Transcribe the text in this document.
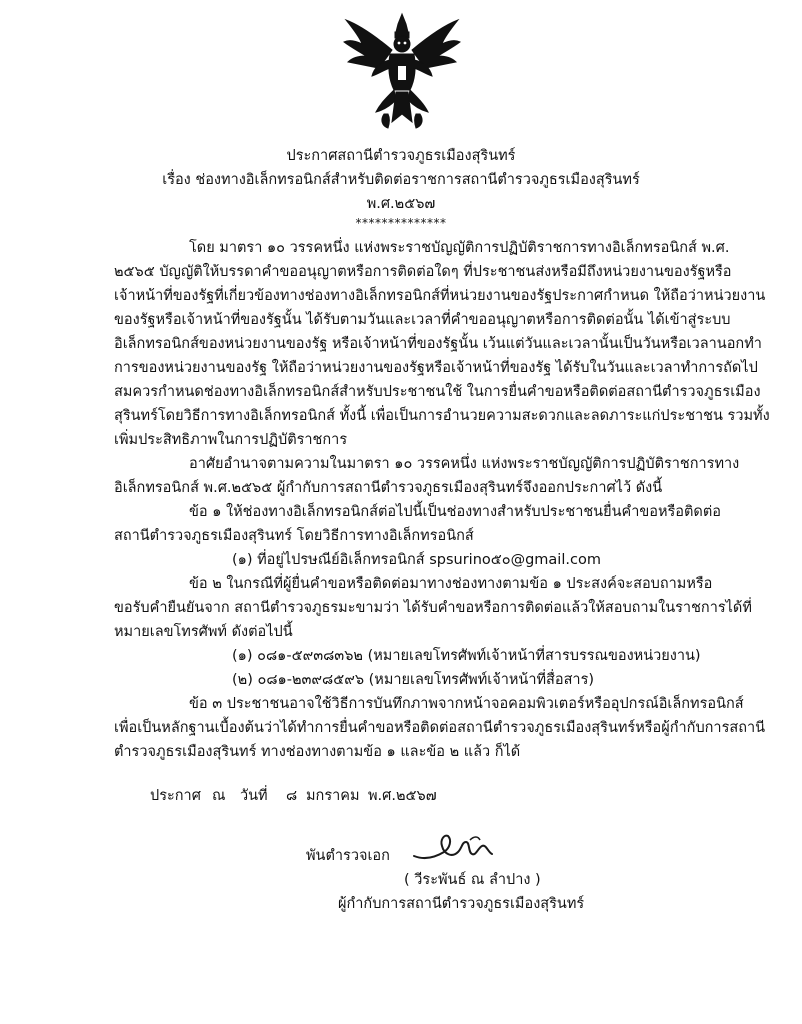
ประกาศสถานีตำรวจภูธรเมืองสุรินทร์
เรื่อง ช่องทางอิเล็กทรอนิกส์สำหรับติดต่อราชการสถานีตำรวจภูธรเมืองสุรินทร์
พ.ศ.๒๕๖๗
**************
โดย มาตรา ๑๐ วรรคหนึ่ง แห่งพระราชบัญญัติการปฏิบัติราชการทางอิเล็กทรอนิกส์ พ.ศ.
๒๕๖๕ บัญญัติให้บรรดาคำขออนุญาตหรือการติดต่อใดๆ ที่ประชาชนส่งหรือมีถึงหน่วยงานของรัฐหรือ
เจ้าหน้าที่ของรัฐที่เกี่ยวข้องทางช่องทางอิเล็กทรอนิกส์ที่หน่วยงานของรัฐประกาศกำหนด ให้ถือว่าหน่วยงาน
ของรัฐหรือเจ้าหน้าที่ของรัฐนั้น ได้รับตามวันและเวลาที่คำขออนุญาตหรือการติดต่อนั้น ได้เข้าสู่ระบบ
อิเล็กทรอนิกส์ของหน่วยงานของรัฐ หรือเจ้าหน้าที่ของรัฐนั้น เว้นแต่วันและเวลานั้นเป็นวันหรือเวลานอกทำ
การของหน่วยงานของรัฐ ให้ถือว่าหน่วยงานของรัฐหรือเจ้าหน้าที่ของรัฐ ได้รับในวันและเวลาทำการถัดไป
สมควรกำหนดช่องทางอิเล็กทรอนิกส์สำหรับประชาชนใช้ ในการยื่นคำขอหรือติดต่อสถานีตำรวจภูธรเมือง
สุรินทร์โดยวิธีการทางอิเล็กทรอนิกส์ ทั้งนี้ เพื่อเป็นการอำนวยความสะดวกและลดภาระแก่ประชาชน รวมทั้ง
เพิ่มประสิทธิภาพในการปฏิบัติราชการ
อาศัยอำนาจตามความในมาตรา ๑๐ วรรคหนึ่ง แห่งพระราชบัญญัติการปฏิบัติราชการทาง
อิเล็กทรอนิกส์ พ.ศ.๒๕๖๕ ผู้กำกับการสถานีตำรวจภูธรเมืองสุรินทร์จึงออกประกาศไว้ ดังนี้
ข้อ ๑ ให้ช่องทางอิเล็กทรอนิกส์ต่อไปนี้เป็นช่องทางสำหรับประชาชนยื่นคำขอหรือติดต่อ
สถานีตำรวจภูธรเมืองสุรินทร์ โดยวิธีการทางอิเล็กทรอนิกส์
(๑) ที่อยู่ไปรษณีย์อิเล็กทรอนิกส์ spsurino๕๐@gmail.com
ข้อ ๒ ในกรณีที่ผู้ยื่นคำขอหรือติดต่อมาทางช่องทางตามข้อ ๑ ประสงค์จะสอบถามหรือ
ขอรับคำยืนยันจาก สถานีตำรวจภูธรมะขามว่า ได้รับคำขอหรือการติดต่อแล้วให้สอบถามในราชการได้ที่
หมายเลขโทรศัพท์ ดังต่อไปนี้
(๑) ๐๘๑-๕๙๓๘๓๖๒ (หมายเลขโทรศัพท์เจ้าหน้าที่สารบรรณของหน่วยงาน)
(๒) ๐๘๑-๒๓๙๘๕๙๖ (หมายเลขโทรศัพท์เจ้าหน้าที่สื่อสาร)
ข้อ ๓ ประชาชนอาจใช้วิธีการบันทึกภาพจากหน้าจอคอมพิวเตอร์หรืออุปกรณ์อิเล็กทรอนิกส์
เพื่อเป็นหลักฐานเบื้องต้นว่าได้ทำการยื่นคำขอหรือติดต่อสถานีตำรวจภูธรเมืองสุรินทร์หรือผู้กำกับการสถานี
ตำรวจภูธรเมืองสุรินทร์ ทางช่องทางตามข้อ ๑ และข้อ ๒ แล้ว ก็ได้
ประกาศ ณ วันที่ ๘ มกราคม พ.ศ.๒๕๖๗
พันตำรวจเอก
( วีระพันธ์ ณ ลำปาง )
ผู้กำกับการสถานีตำรวจภูธรเมืองสุรินทร์
